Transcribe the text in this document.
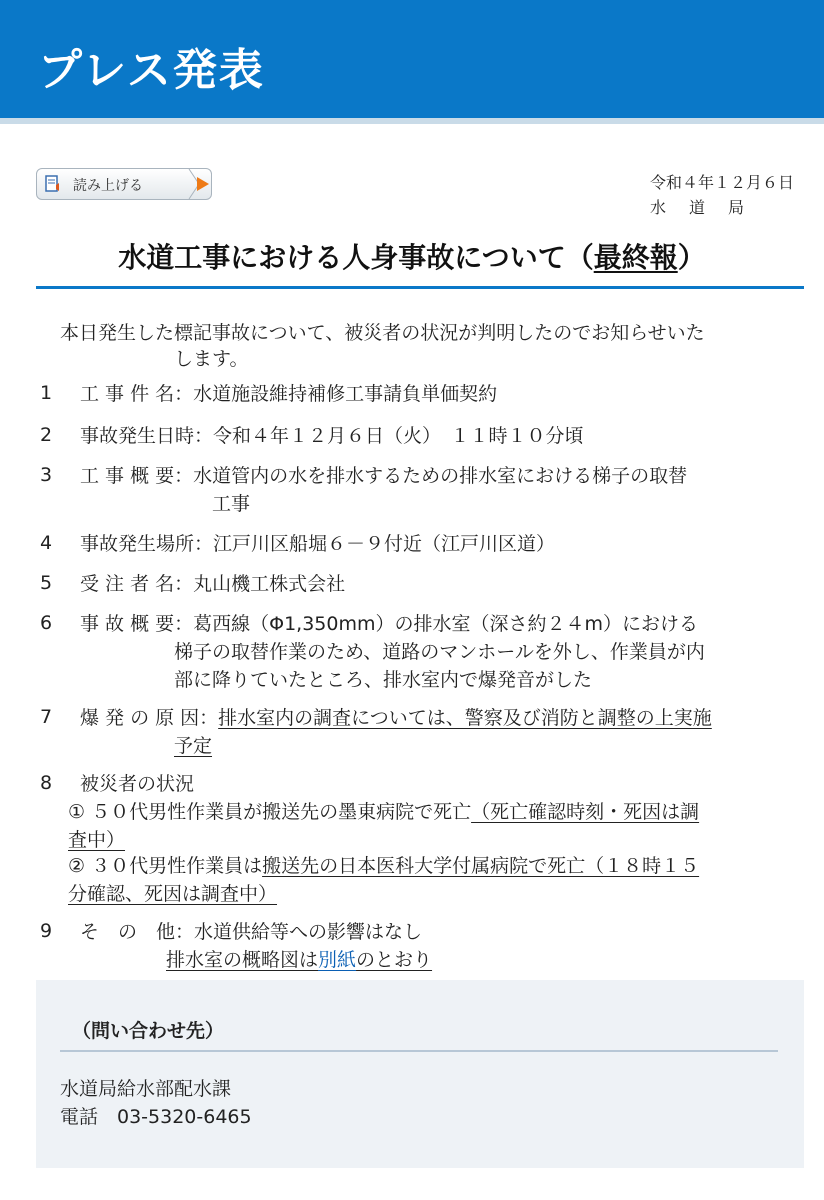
プレス発表
読み上げる	令和４年１２月６日
水道局
水道工事における人身事故について（最終報）
本日発生した標記事故について、被災者の状況が判明したのでお知らせいた
します。
1 工 事 件 名：水道施設維持補修工事請負単価契約
2 事故発生日時：令和４年１２月６日（火）　１１時１０分頃
3 工 事 概 要：水道管内の水を排水するための排水室における梯子の取替
工事
4 事故発生場所：江戸川区船堀６－９付近（江戸川区道）
5 受 注 者 名：丸山機工株式会社
6 事 故 概 要：葛西線（Φ1,350mm）の排水室（深さ約２４m）における
梯子の取替作業のため、道路のマンホールを外し、作業員が内
部に降りていたところ、排水室内で爆発音がした
7 爆 発 の 原 因：排水室内の調査については、警察及び消防と調整の上実施
予定
8 被災者の状況
① ５０代男性作業員が搬送先の墨東病院で死亡（死亡確認時刻・死因は調
査中）
② ３０代男性作業員は搬送先の日本医科大学付属病院で死亡（１８時１５
分確認、死因は調査中）
9 そ　の　他：水道供給等への影響はなし
排水室の概略図は別紙のとおり
（問い合わせ先）
水道局給水部配水課
電話　03-5320-6465
